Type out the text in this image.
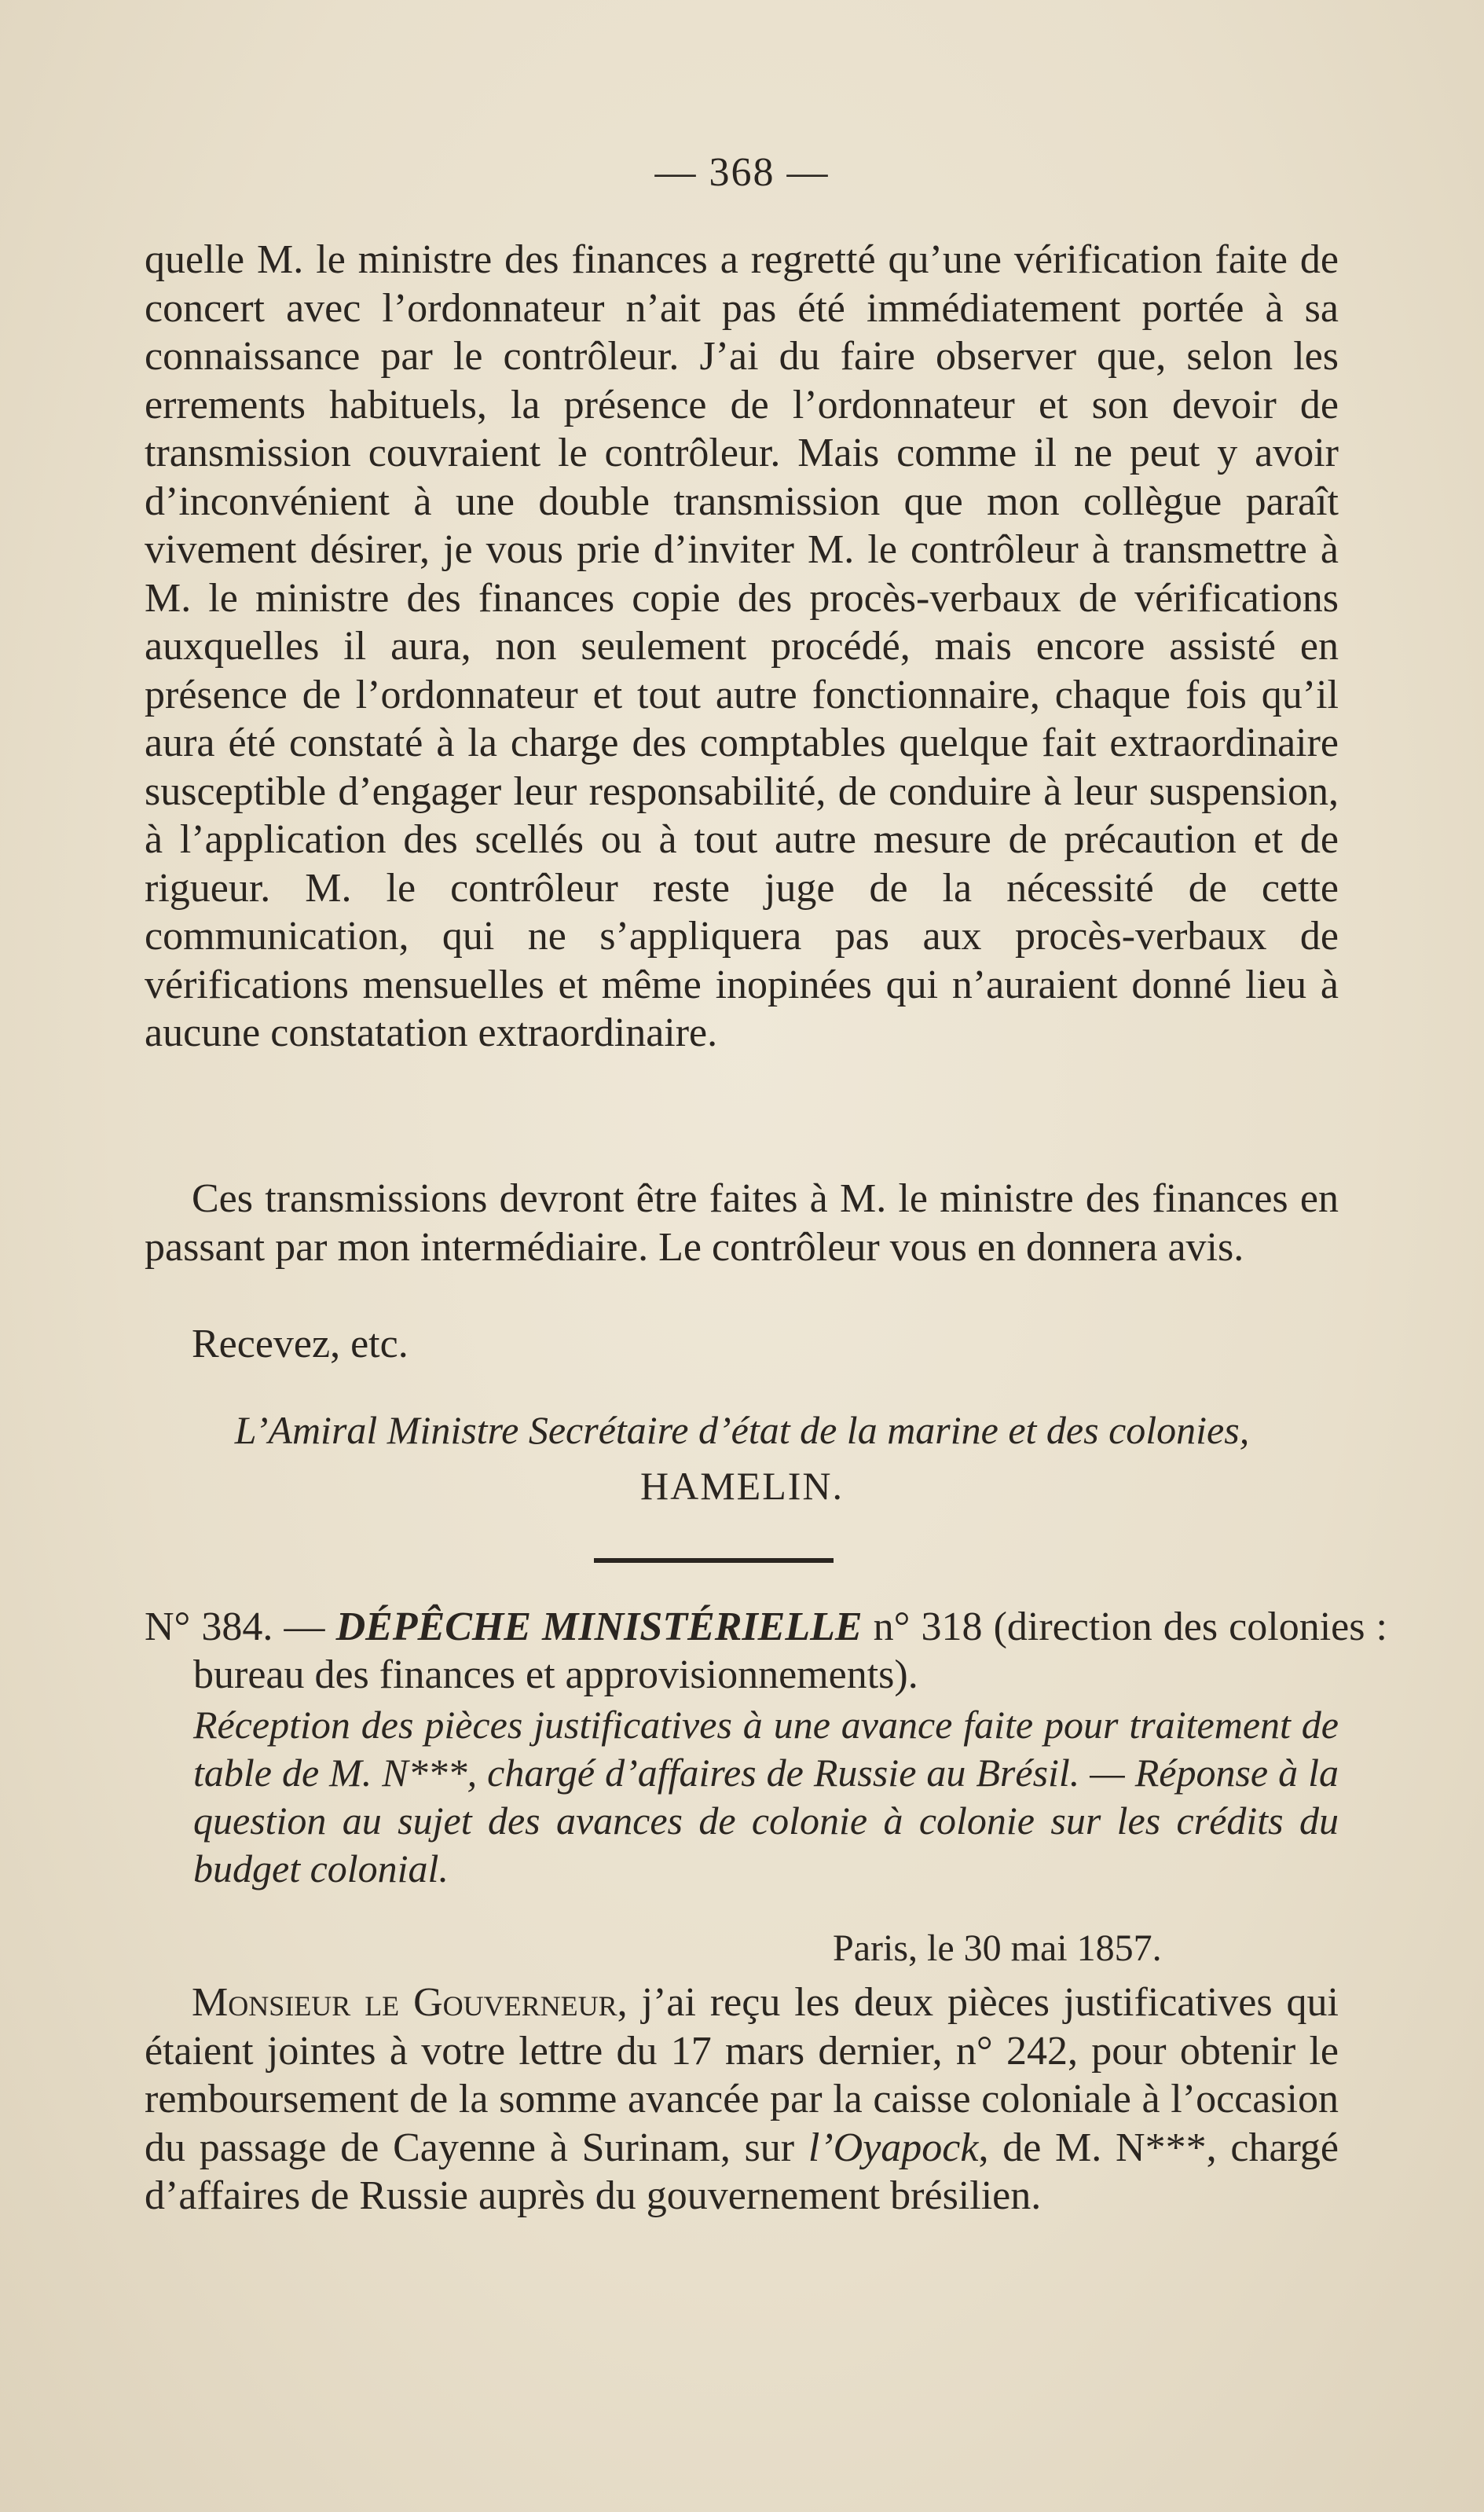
— 368 —

quelle M. le ministre des finances a regretté qu’une vérification faite de concert avec l’ordonnateur n’ait pas été immédiatement portée à sa connaissance par le contrôleur. J’ai du faire observer que, selon les errements habituels, la présence de l’ordonnateur et son devoir de transmission couvraient le contrôleur. Mais comme il ne peut y avoir d’inconvénient à une double transmission que mon collègue paraît vivement désirer, je vous prie d’inviter M. le contrôleur à transmettre à M. le ministre des finances copie des procès-verbaux de vérifications auxquelles il aura, non seulement procédé, mais encore assisté en présence de l’ordonnateur et tout autre fonctionnaire, chaque fois qu’il aura été constaté à la charge des comptables quelque fait extraordinaire susceptible d’engager leur responsabilité, de conduire à leur suspension, à l’application des scellés ou à tout autre mesure de précaution et de rigueur. M. le contrôleur reste juge de la nécessité de cette communication, qui ne s’appliquera pas aux procès-verbaux de vérifications mensuelles et même inopinées qui n’auraient donné lieu à aucune constatation extraordinaire.

Ces transmissions devront être faites à M. le ministre des finances en passant par mon intermédiaire. Le contrôleur vous en donnera avis.

Recevez, etc.

L’Amiral Ministre Secrétaire d’état de la marine et des colonies,
HAMELIN.
N° 384. — DÉPÊCHE MINISTÉRIELLE n° 318 (direction des colonies : bureau des finances et approvisionnements).
Réception des pièces justificatives à une avance faite pour traitement de table de M. N***, chargé d’affaires de Russie au Brésil. — Réponse à la question au sujet des avances de colonie à colonie sur les crédits du budget colonial.
Paris, le 30 mai 1857.

Monsieur le Gouverneur, j’ai reçu les deux pièces justificatives qui étaient jointes à votre lettre du 17 mars dernier, n° 242, pour obtenir le remboursement de la somme avancée par la caisse coloniale à l’occasion du passage de Cayenne à Surinam, sur l’Oyapock, de M. N***, chargé d’affaires de Russie auprès du gouvernement brésilien.
